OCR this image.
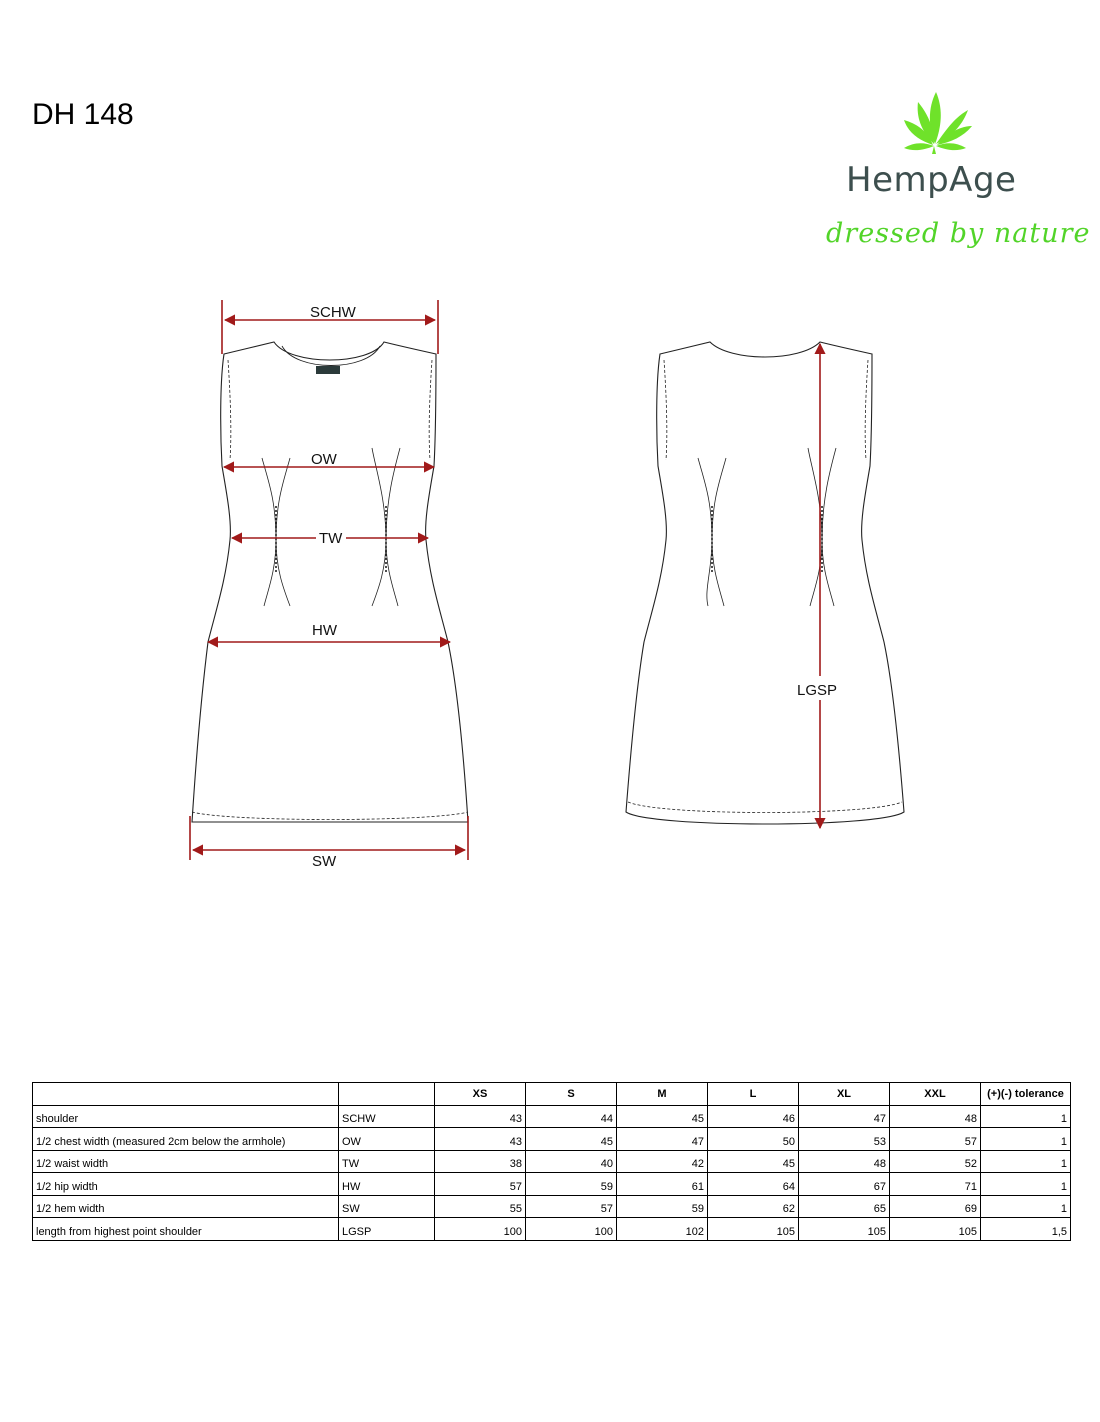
DH 148
HempAge
dressed by nature
SCHW
OW
TW
HW
SW
LGSP
		XS	S	M	L	XL	XXL	(+)(-) tolerance
shoulder	SCHW	43	44	45	46	47	48	1
1/2 chest width (measured 2cm below the armhole)	OW	43	45	47	50	53	57	1
1/2 waist width	TW	38	40	42	45	48	52	1
1/2 hip width	HW	57	59	61	64	67	71	1
1/2 hem width	SW	55	57	59	62	65	69	1
length from highest point shoulder	LGSP	100	100	102	105	105	105	1,5
